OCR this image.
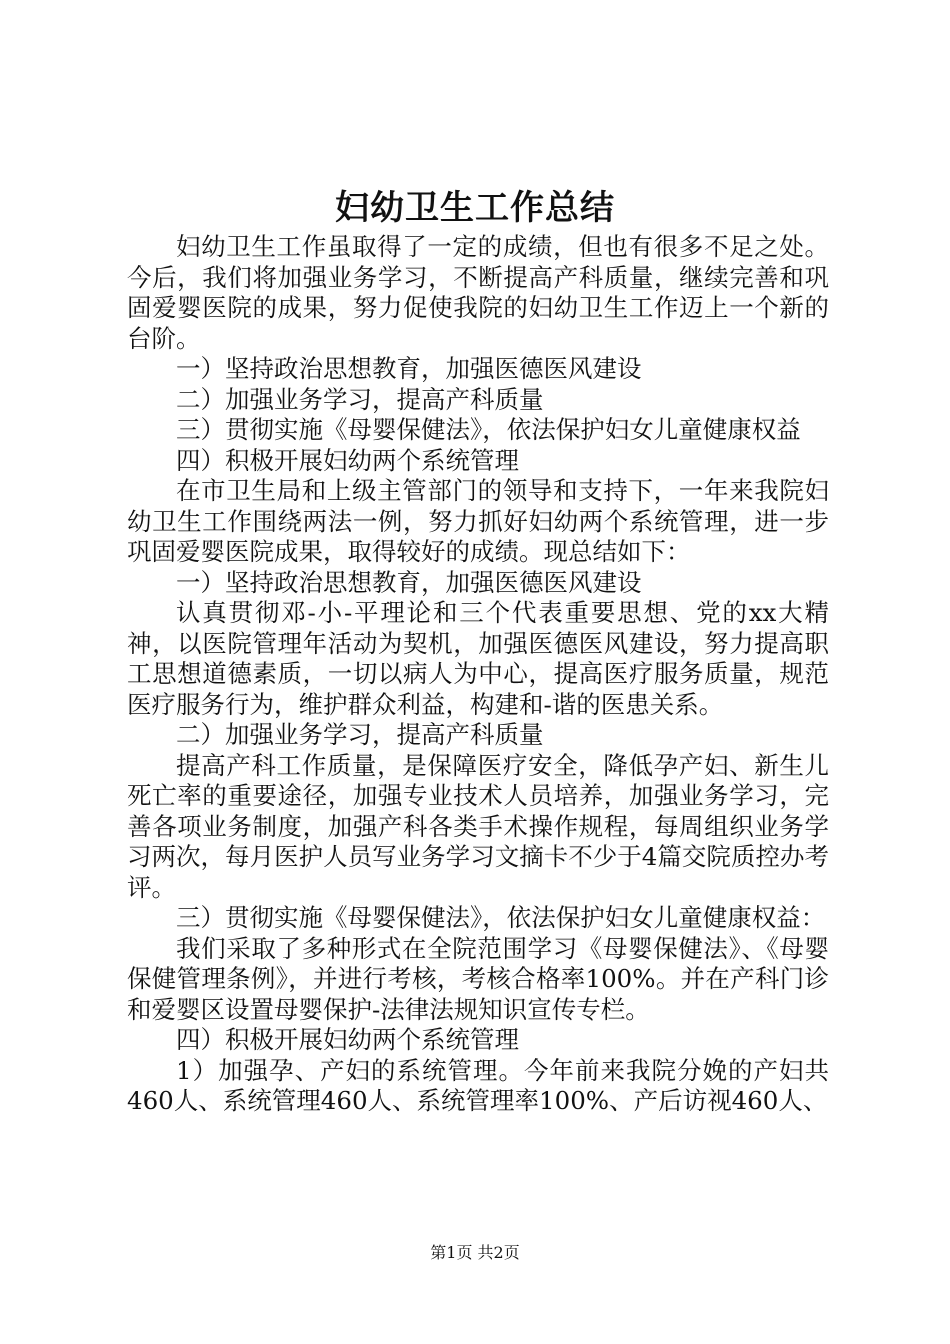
妇幼卫生工作总结

妇幼卫生工作虽取得了一定的成绩，但也有很多不足之处。今后，我们将加强业务学习，不断提高产科质量，继续完善和巩固爱婴医院的成果，努力促使我院的妇幼卫生工作迈上一个新的台阶。

一）坚持政治思想教育，加强医德医风建设

二）加强业务学习，提高产科质量

三）贯彻实施《母婴保健法》，依法保护妇女儿童健康权益

四）积极开展妇幼两个系统管理

在市卫生局和上级主管部门的领导和支持下，一年来我院妇幼卫生工作围绕两法一例，努力抓好妇幼两个系统管理，进一步巩固爱婴医院成果，取得较好的成绩。现总结如下：

一）坚持政治思想教育，加强医德医风建设

认真贯彻邓-小-平理论和三个代表重要思想、党的xx大精神，以医院管理年活动为契机，加强医德医风建设，努力提高职工思想道德素质，一切以病人为中心，提高医疗服务质量，规范医疗服务行为，维护群众利益，构建和-谐的医患关系。

二）加强业务学习，提高产科质量

提高产科工作质量，是保障医疗安全，降低孕产妇、新生儿死亡率的重要途径，加强专业技术人员培养，加强业务学习，完善各项业务制度，加强产科各类手术操作规程，每周组织业务学习两次，每月医护人员写业务学习文摘卡不少于4篇交院质控办考评。

三）贯彻实施《母婴保健法》，依法保护妇女儿童健康权益：

我们采取了多种形式在全院范围学习《母婴保健法》、《母婴保健管理条例》，并进行考核，考核合格率100%。并在产科门诊和爱婴区设置母婴保护-法律法规知识宣传专栏。

四）积极开展妇幼两个系统管理

1）加强孕、产妇的系统管理。今年前来我院分娩的产妇共460人、系统管理460人、系统管理率100%、产后访视460人、

第1页 共2页
